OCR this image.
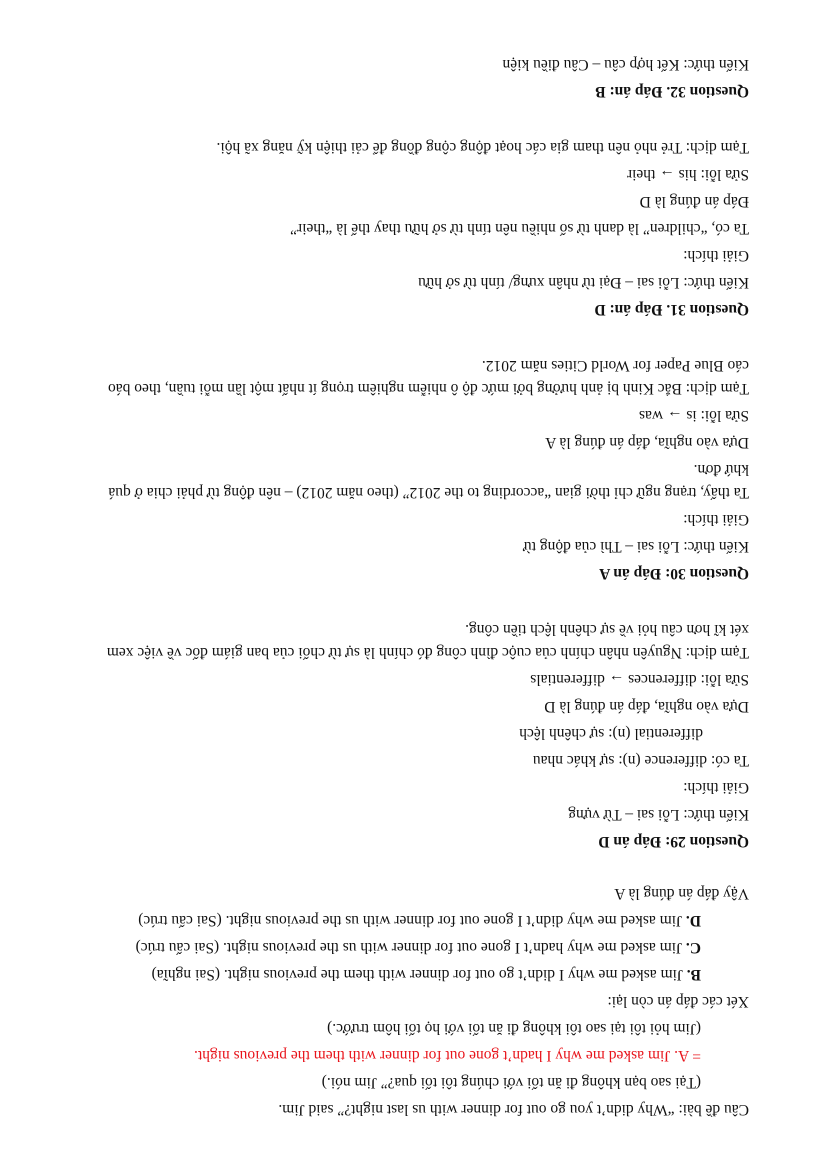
Câu đề bài: “Why didn’t you go out for dinner with us last night?” said Jim.
(Tại sao bạn không đi ăn tối với chúng tôi tối qua?” Jim nói.)
= A. Jim asked me why I hadn’t gone out for dinner with them the previous night.
(Jim hỏi tôi tại sao tôi không đi ăn tối với họ tối hôm trước.)
Xét các đáp án còn lại:
B. Jim asked me why I didn’t go out for dinner with them the previous night. (Sai nghĩa)
C. Jim asked me why hadn’t I gone out for dinner with us the previous night. (Sai cấu trúc)
D. Jim asked me why didn’t I gone out for dinner with us the previous night. (Sai cấu trúc)
Vậy đáp án đúng là A
Question 29: Đáp án D
Kiến thức: Lỗi sai – Từ vựng
Giải thích:
Ta có: difference (n): sự khác nhau
differential (n): sự chênh lệch
Dựa vào nghĩa, đáp án đúng là D
Sửa lỗi: differences → differentials
Tạm dịch: Nguyên nhân chính của cuộc đình công đó chính là sự từ chối của ban giám đốc về việc xem
xét kĩ hơn câu hỏi về sự chênh lệch tiền công.
Question 30: Đáp án A
Kiến thức: Lỗi sai – Thì của động từ
Giải thích:
Ta thấy, trạng ngữ chỉ thời gian “according to the 2012” (theo năm 2012) – nên động từ phải chia ở quá
khứ đơn.
Dựa vào nghĩa, đáp án đúng là A
Sửa lỗi: is → was
Tạm dịch: Bắc Kinh bị ảnh hưởng bởi mức độ ô nhiễm nghiêm trọng ít nhất một lần mỗi tuần, theo báo
cáo Blue Paper for World Cities năm 2012.
Question 31. Đáp án: D
Kiến thức: Lỗi sai – Đại từ nhân xưng/ tính từ sở hữu
Giải thích:
Ta có, “children” là danh từ số nhiều nên tính từ sở hữu thay thế là “their”
Đáp án đúng là D
Sửa lỗi: his → their
Tạm dịch: Trẻ nhỏ nên tham gia các hoạt động cộng đồng để cải thiện kỹ năng xã hội.
Question 32. Đáp án: B
Kiến thức: Kết hợp câu – Câu điều kiện
